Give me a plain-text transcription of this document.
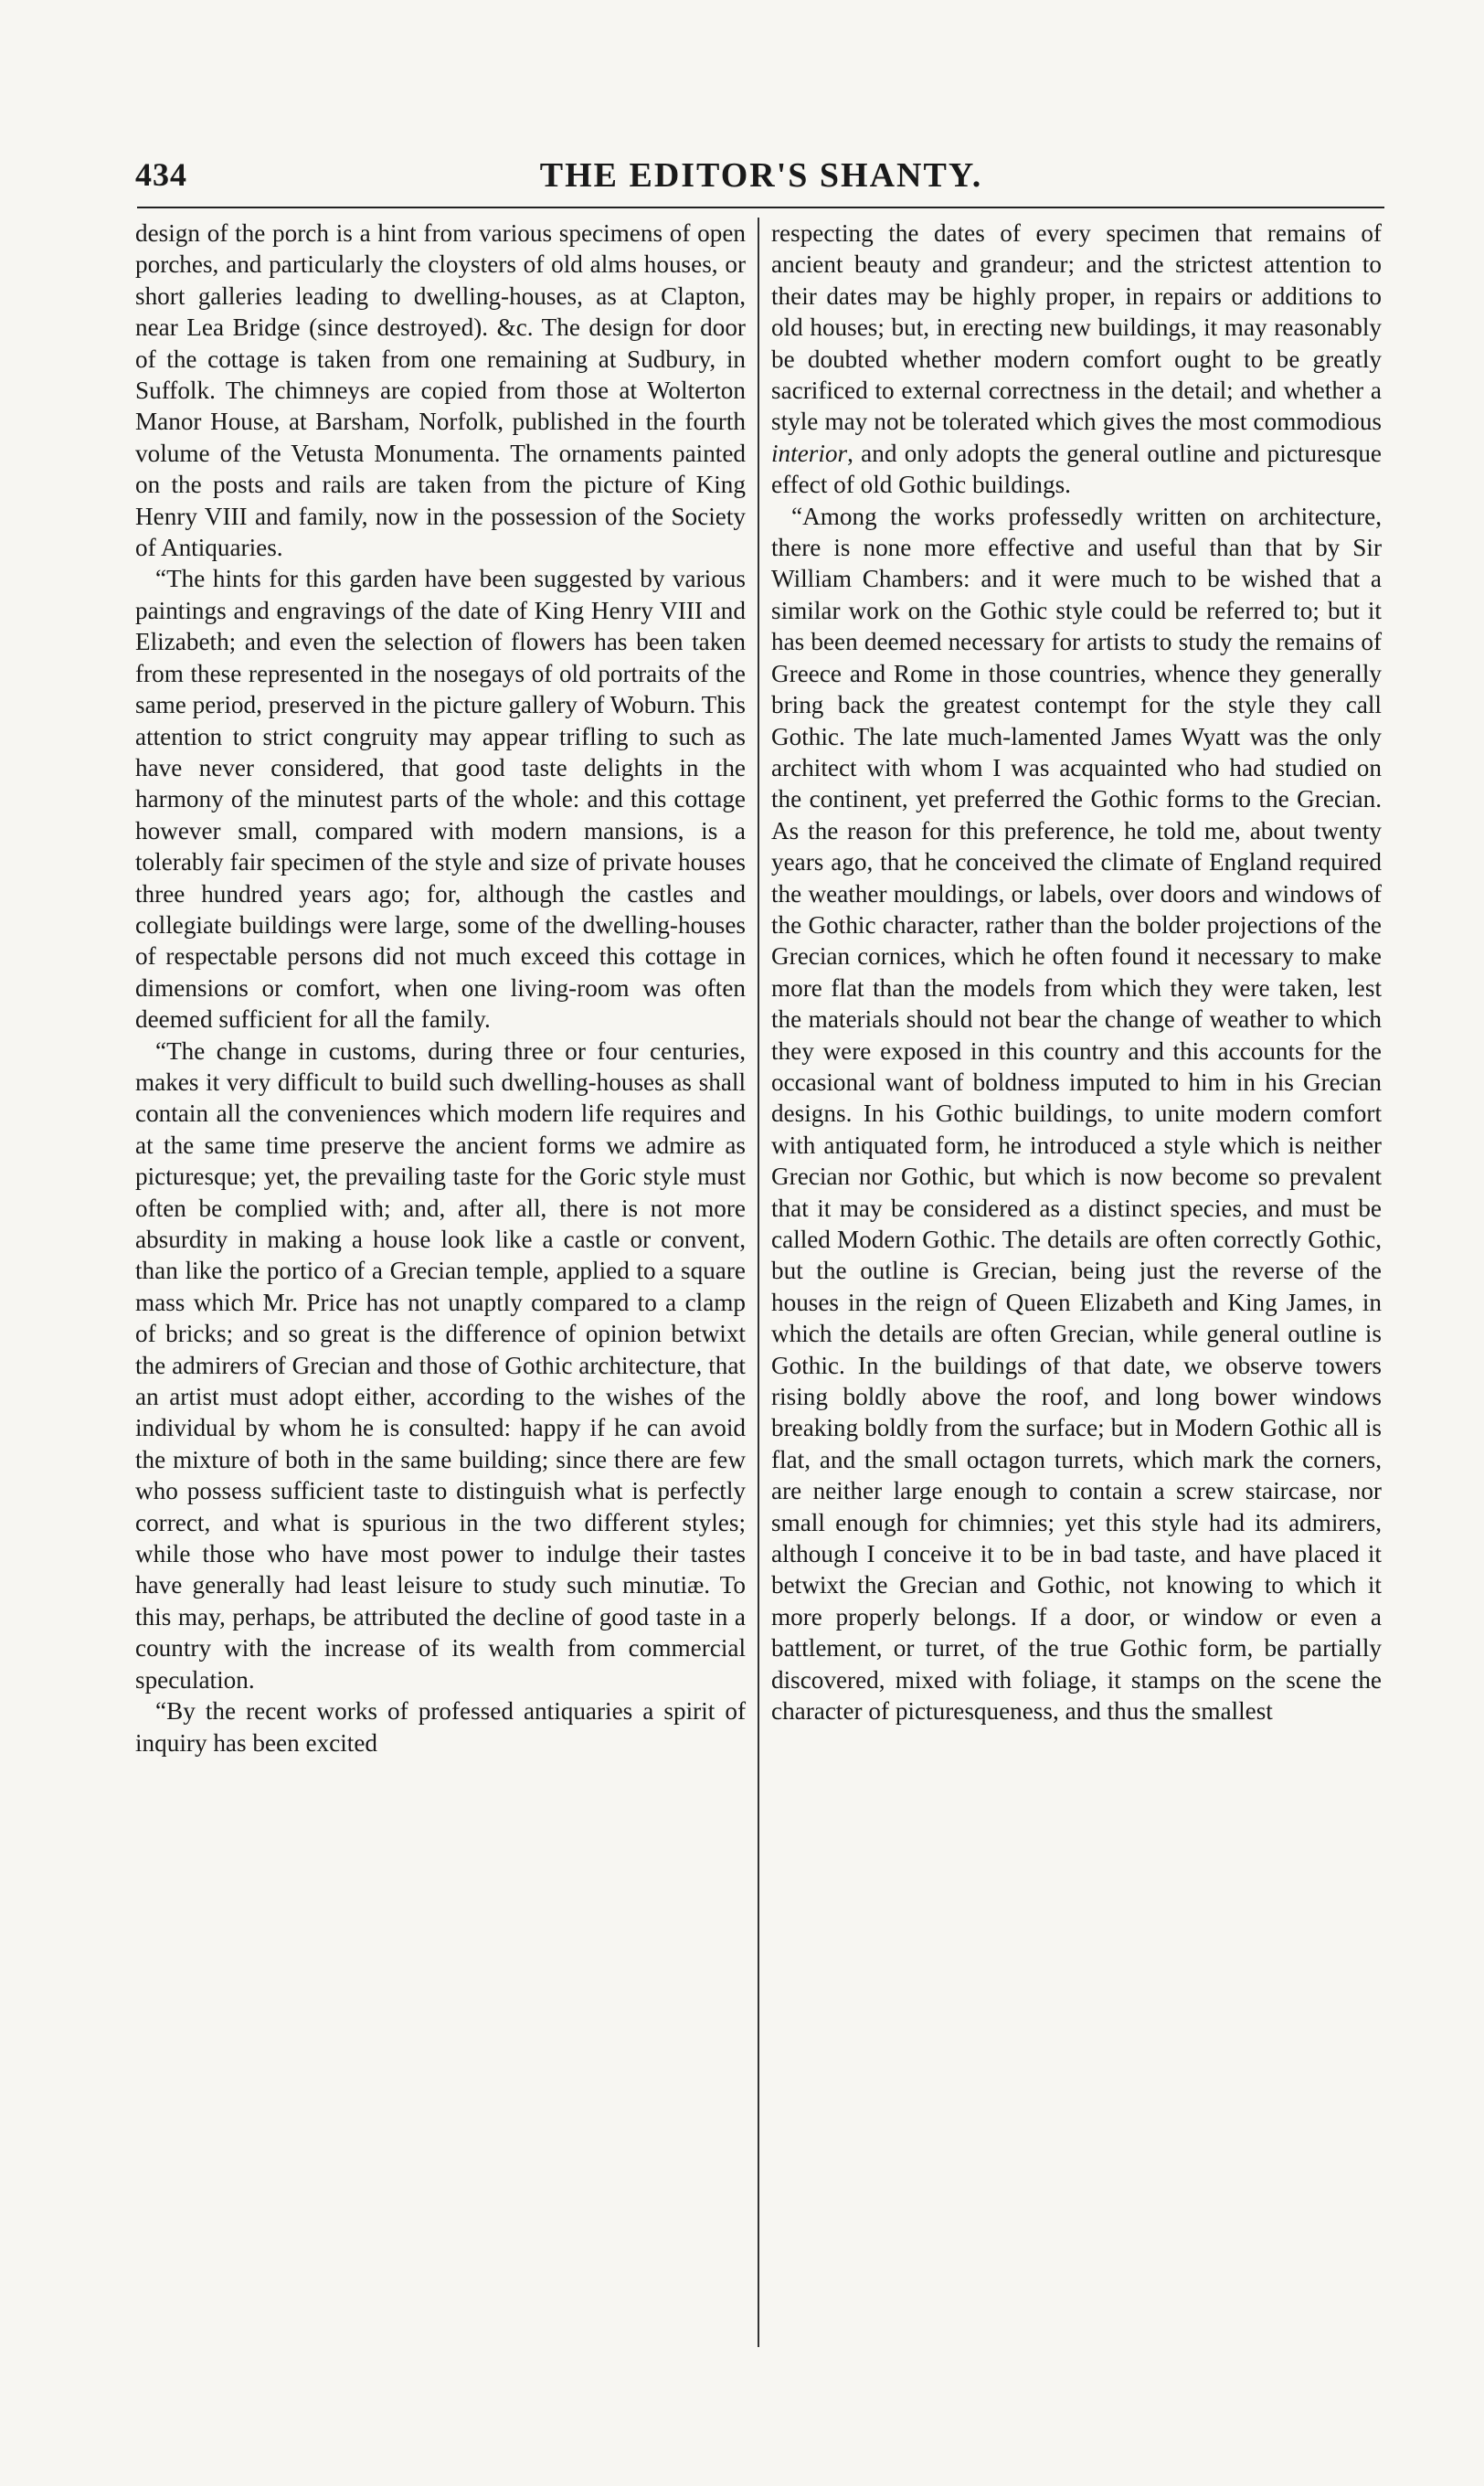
434	THE EDITOR'S SHANTY.

design of the porch is a hint from various specimens of open porches, and particularly the cloysters of old alms houses, or short galleries leading to dwelling-houses, as at Clapton, near Lea Bridge (since destroyed). &c. The design for door of the cottage is taken from one remaining at Sudbury, in Suffolk. The chimneys are copied from those at Wolterton Manor House, at Barsham, Norfolk, published in the fourth volume of the Vetusta Monumenta. The ornaments painted on the posts and rails are taken from the picture of King Henry VIII and family, now in the possession of the Society of Antiquaries.

“The hints for this garden have been suggested by various paintings and engravings of the date of King Henry VIII and Elizabeth; and even the selection of flowers has been taken from these represented in the nosegays of old portraits of the same period, preserved in the picture gallery of Woburn. This attention to strict congruity may appear trifling to such as have never considered, that good taste delights in the harmony of the minutest parts of the whole: and this cottage however small, compared with modern mansions, is a tolerably fair specimen of the style and size of private houses three hundred years ago; for, although the castles and collegiate buildings were large, some of the dwelling-houses of respectable persons did not much exceed this cottage in dimensions or comfort, when one living-room was often deemed sufficient for all the family.

“The change in customs, during three or four centuries, makes it very difficult to build such dwelling-houses as shall contain all the conveniences which modern life requires and at the same time preserve the ancient forms we admire as picturesque; yet, the prevailing taste for the Goric style must often be complied with; and, after all, there is not more absurdity in making a house look like a castle or convent, than like the portico of a Grecian temple, applied to a square mass which Mr. Price has not unaptly compared to a clamp of bricks; and so great is the difference of opinion betwixt the admirers of Grecian and those of Gothic architecture, that an artist must adopt either, according to the wishes of the individual by whom he is consulted: happy if he can avoid the mixture of both in the same building; since there are few who possess sufficient taste to distinguish what is perfectly correct, and what is spurious in the two different styles; while those who have most power to indulge their tastes have generally had least leisure to study such minutiæ. To this may, perhaps, be attributed the decline of good taste in a country with the increase of its wealth from commercial speculation.

“By the recent works of professed antiquaries a spirit of inquiry has been excited

respecting the dates of every specimen that remains of ancient beauty and grandeur; and the strictest attention to their dates may be highly proper, in repairs or additions to old houses; but, in erecting new buildings, it may reasonably be doubted whether modern comfort ought to be greatly sacrificed to external correctness in the detail; and whether a style may not be tolerated which gives the most commodious interior, and only adopts the general outline and picturesque effect of old Gothic buildings.

“Among the works professedly written on architecture, there is none more effective and useful than that by Sir William Chambers: and it were much to be wished that a similar work on the Gothic style could be referred to; but it has been deemed necessary for artists to study the remains of Greece and Rome in those countries, whence they generally bring back the greatest contempt for the style they call Gothic. The late much-lamented James Wyatt was the only architect with whom I was acquainted who had studied on the continent, yet preferred the Gothic forms to the Grecian. As the reason for this preference, he told me, about twenty years ago, that he conceived the climate of England required the weather mouldings, or labels, over doors and windows of the Gothic character, rather than the bolder projections of the Grecian cornices, which he often found it necessary to make more flat than the models from which they were taken, lest the materials should not bear the change of weather to which they were exposed in this country and this accounts for the occasional want of boldness imputed to him in his Grecian designs. In his Gothic buildings, to unite modern comfort with antiquated form, he introduced a style which is neither Grecian nor Gothic, but which is now become so prevalent that it may be considered as a distinct species, and must be called Modern Gothic. The details are often correctly Gothic, but the outline is Grecian, being just the reverse of the houses in the reign of Queen Elizabeth and King James, in which the details are often Grecian, while general outline is Gothic. In the buildings of that date, we observe towers rising boldly above the roof, and long bower windows breaking boldly from the surface; but in Modern Gothic all is flat, and the small octagon turrets, which mark the corners, are neither large enough to contain a screw staircase, nor small enough for chimnies; yet this style had its admirers, although I conceive it to be in bad taste, and have placed it betwixt the Grecian and Gothic, not knowing to which it more properly belongs. If a door, or window or even a battlement, or turret, of the true Gothic form, be partially discovered, mixed with foliage, it stamps on the scene the character of picturesqueness, and thus the smallest
